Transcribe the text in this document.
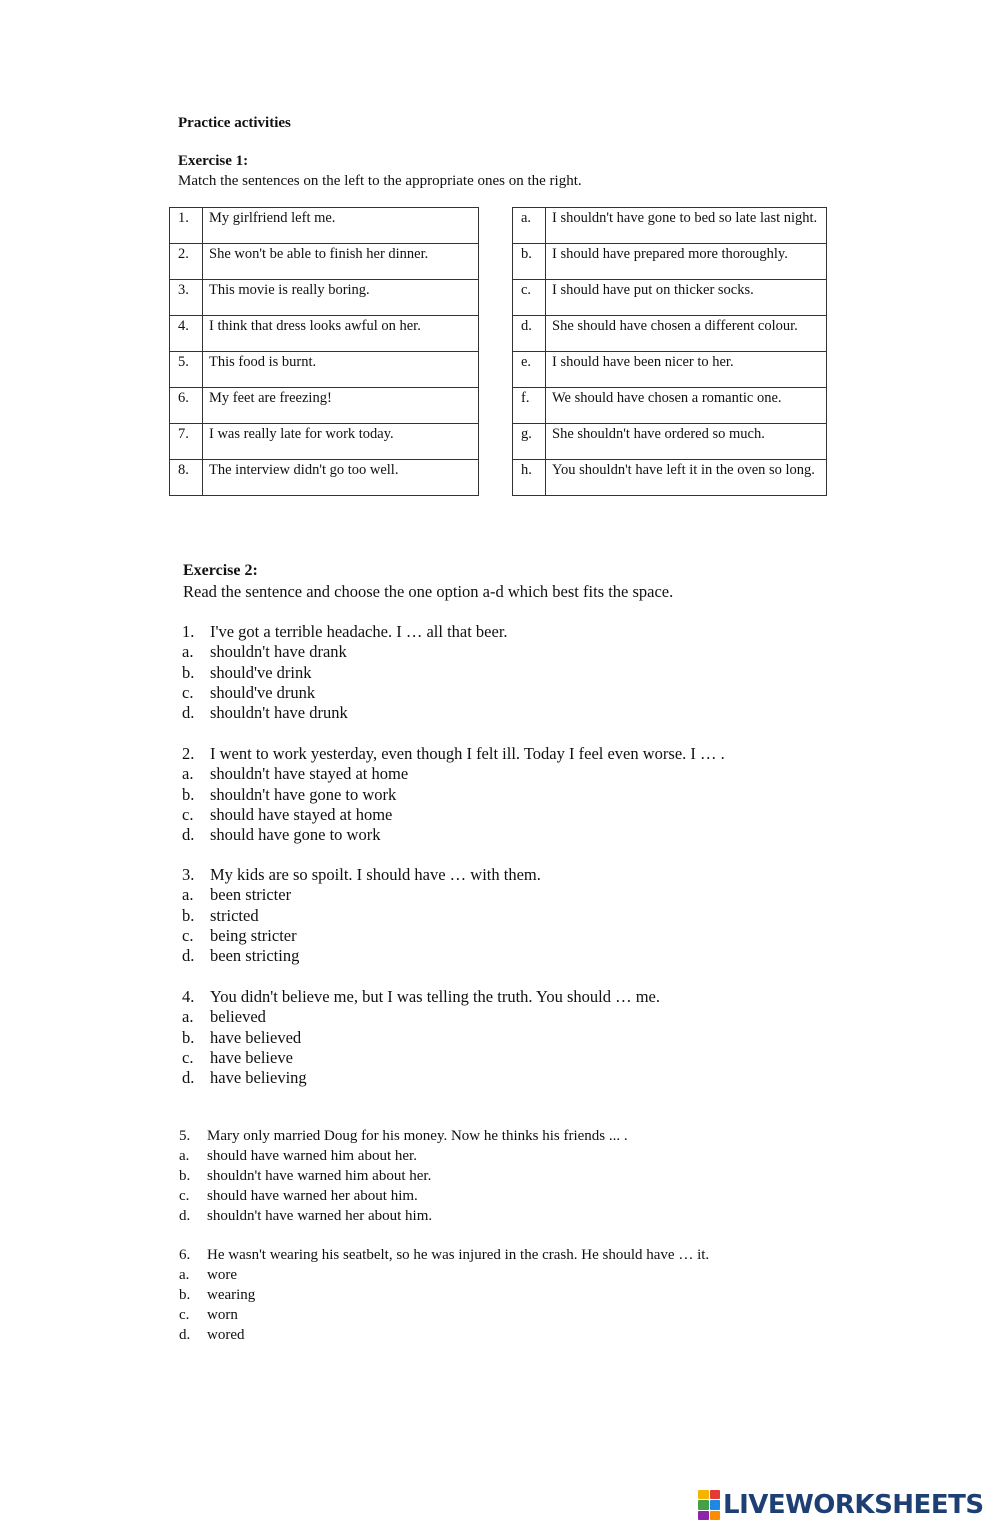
Practice activities
Exercise 1:
Match the sentences on the left to the appropriate ones on the right.
1.	My girlfriend left me.
2.	She won't be able to finish her dinner.
3.	This movie is really boring.
4.	I think that dress looks awful on her.
5.	This food is burnt.
6.	My feet are freezing!
7.	I was really late for work today.
8.	The interview didn't go too well.
a.	I shouldn't have gone to bed so late last night.
b.	I should have prepared more thoroughly.
c.	I should have put on thicker socks.
d.	She should have chosen a different colour.
e.	I should have been nicer to her.
f.	We should have chosen a romantic one.
g.	She shouldn't have ordered so much.
h.	You shouldn't have left it in the oven so long.
Exercise 2:
Read the sentence and choose the one option a-d which best fits the space.
1. I've got a terrible headache. I … all that beer.
a. shouldn't have drank
b. should've drink
c. should've drunk
d. shouldn't have drunk
2. I went to work yesterday, even though I felt ill. Today I feel even worse. I … .
a. shouldn't have stayed at home
b. shouldn't have gone to work
c. should have stayed at home
d. should have gone to work
3. My kids are so spoilt. I should have … with them.
a. been stricter
b. stricted
c. being stricter
d. been stricting
4. You didn't believe me, but I was telling the truth. You should … me.
a. believed
b. have believed
c. have believe
d. have believing
5. Mary only married Doug for his money. Now he thinks his friends ... .
a. should have warned him about her.
b. shouldn't have warned him about her.
c. should have warned her about him.
d. shouldn't have warned her about him.
6. He wasn't wearing his seatbelt, so he was injured in the crash. He should have … it.
a. wore
b. wearing
c. worn
d. wored
LIVEWORKSHEETS
